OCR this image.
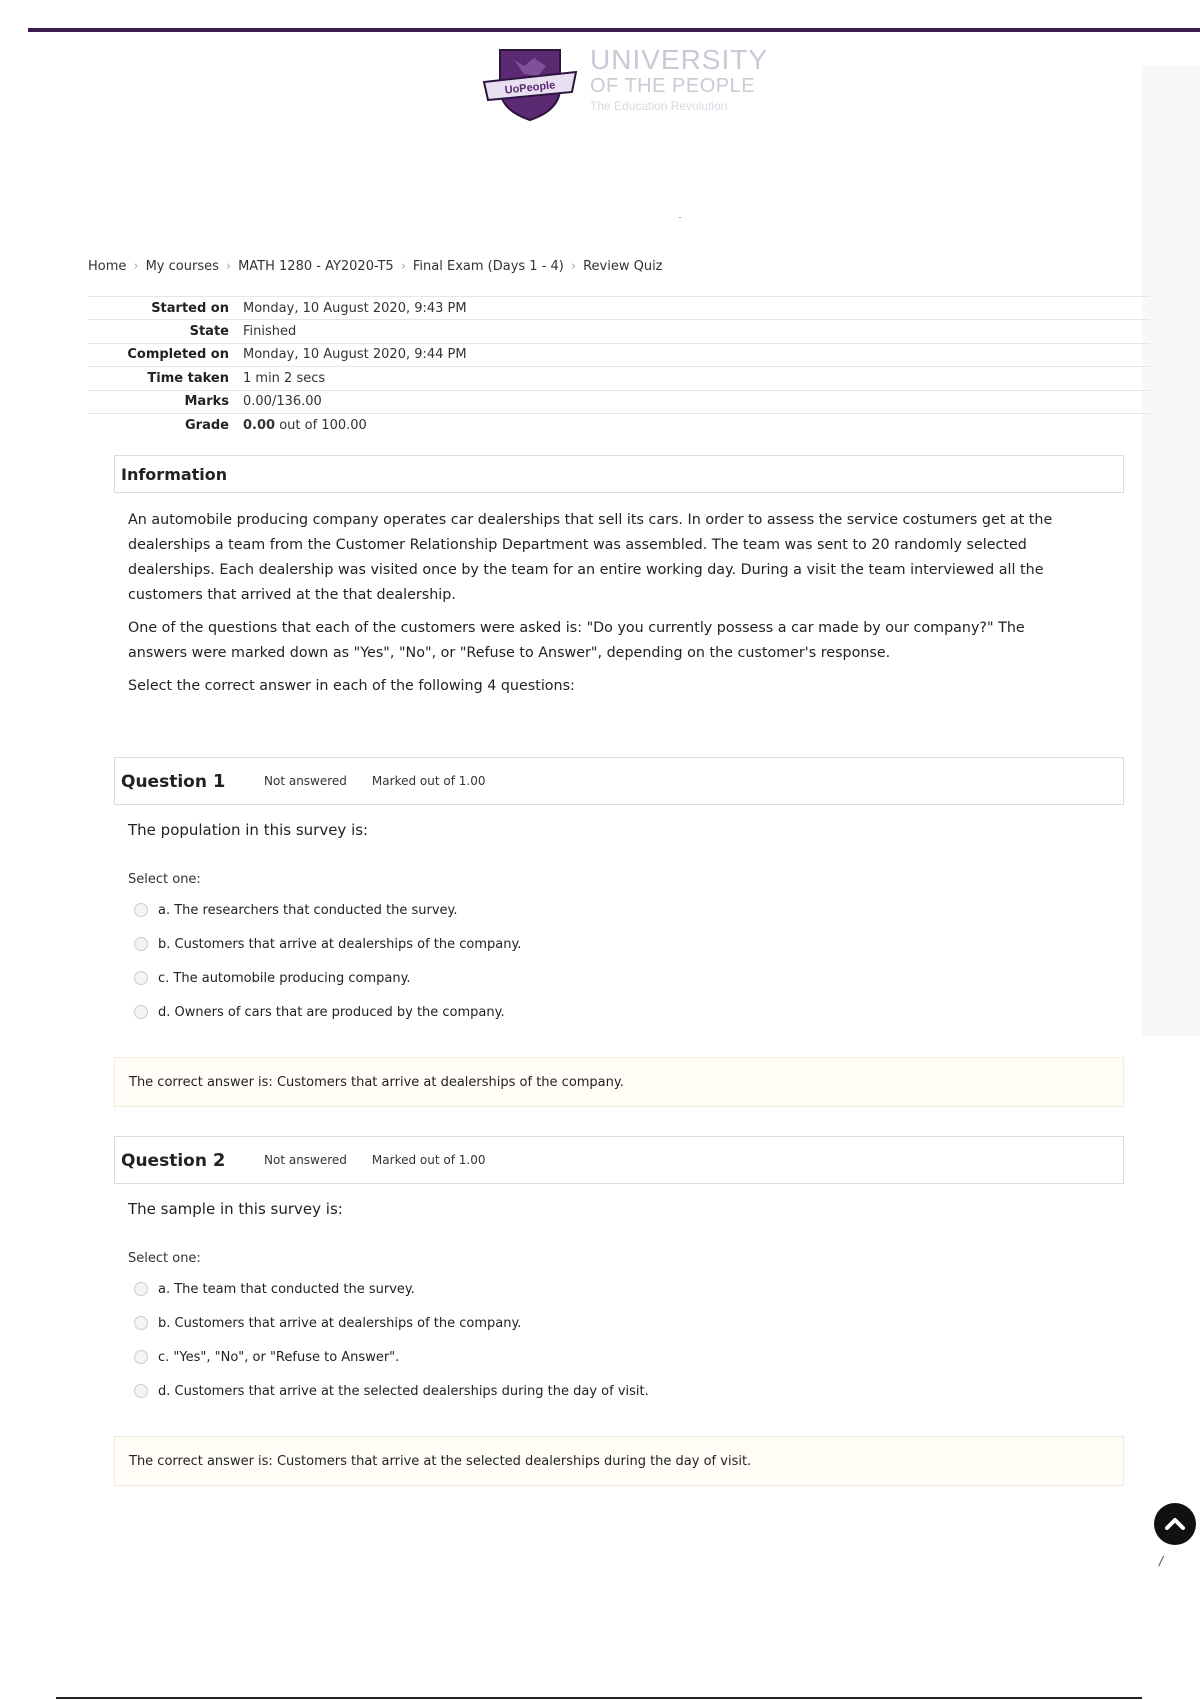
UoPeople
UNIVERSITY
OF THE PEOPLE
The Education Revolution
Home › My courses › MATH 1280 - AY2020-T5 › Final Exam (Days 1 - 4) › Review Quiz
Started on	Monday, 10 August 2020, 9:43 PM
State	Finished
Completed on	Monday, 10 August 2020, 9:44 PM
Time taken	1 min 2 secs
Marks	0.00/136.00
Grade	0.00 out of 100.00
Information

An automobile producing company operates car dealerships that sell its cars. In order to assess the service costumers get at the dealerships a team from the Customer Relationship Department was assembled. The team was sent to 20 randomly selected dealerships. Each dealership was visited once by the team for an entire working day. During a visit the team interviewed all the customers that arrived at the that dealership.

One of the questions that each of the customers were asked is: "Do you currently possess a car made by our company?" The answers were marked down as "Yes", "No", or "Refuse to Answer", depending on the customer's response.

Select the correct answer in each of the following 4 questions:

Question 1	Not answered Marked out of 1.00
The population in this survey is:
Select one:
a. The researchers that conducted the survey.
b. Customers that arrive at dealerships of the company.
c. The automobile producing company.
d. Owners of cars that are produced by the company.
The correct answer is: Customers that arrive at dealerships of the company.
Question 2	Not answered Marked out of 1.00
The sample in this survey is:
Select one:
a. The team that conducted the survey.
b. Customers that arrive at dealerships of the company.
c. "Yes", "No", or "Refuse to Answer".
d. Customers that arrive at the selected dealerships during the day of visit.
The correct answer is: Customers that arrive at the selected dealerships during the day of visit.
/
